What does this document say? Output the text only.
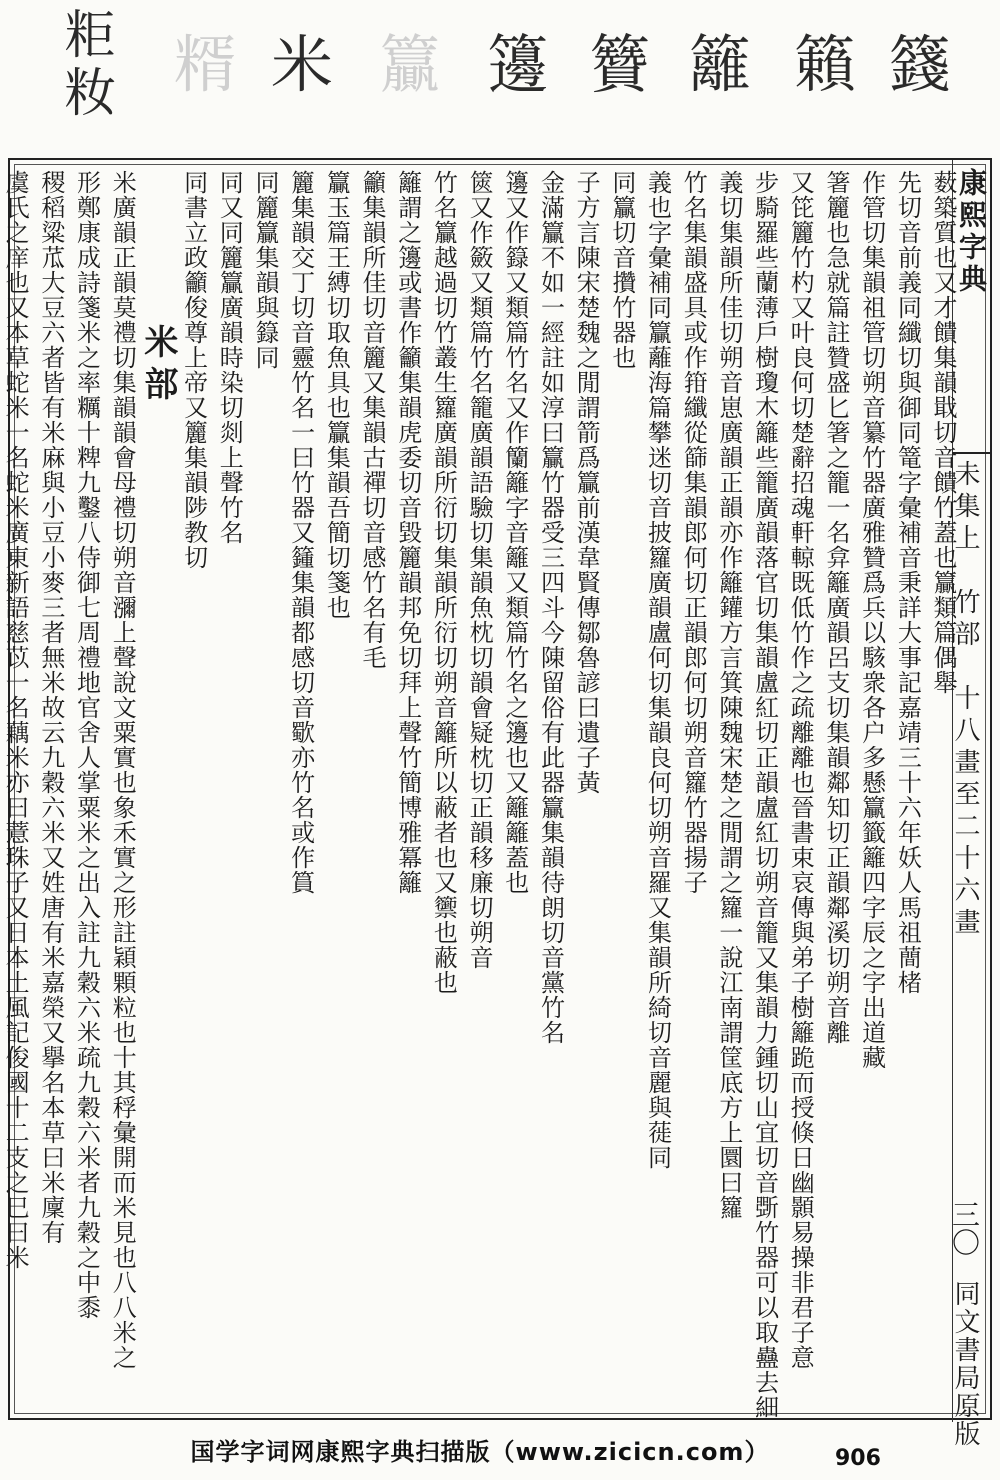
粔
籹 糈 米 籯 籩 籫 籬 籟 籛
康熙字典
未集上　竹部　十八畫至二十六畫
三〇
同文書局原版
薮築質也又才饋集韻戢切音饋竹蓋也籯類篇偶舉
先切音前義同纖切與御同篭字彙補音秉詳大事記嘉靖三十六年妖人馬祖蕳楮
作管切集韻祖管切朔音纂竹器廣雅贊爲兵以駭衆各户多懸籯籤籬四字辰之字出道藏
箸籭也急就篇註贊盛匕箸之籠一名弇籬廣韻呂支切集韻鄰知切正韻鄰溪切朔音離
又笓籭竹杓又叶良何切楚辭招魂軒輬既低竹作之疏離離也晉書束哀傳與弟子樹籬跪而授倏日幽顥易操非君子意
步騎羅些蘭薄戶樹瓊木籬些籠廣韻落官切集韻盧紅切正韻盧紅切朔音籠又集韻力鍾切山宜切音斲竹器可以取蠱去細
義切集韻所佳切朔音崽廣韻正韻亦作籬鑵方言箕陳魏宋楚之閒謂之籮一說江南謂筐底方上圜曰籮
竹名集韻盛具或作箝纖從篩集韻郎何切正韻郎何切朔音籮竹器揚子
義也字彙補同籯蘺海篇攀迷切音披籮廣韻盧何切集韻良何切朔音羅又集韻所綺切音麗與蓰同
同籯切音攢竹器也
子方言陳宋楚魏之閒謂箭爲籯前漢韋賢傳鄒魯諺曰遺子黃
金滿籯不如一經註如淳曰籯竹器受三四斗今陳留俗有此器籯集韻待朗切音黨竹名
籩又作籙又類篇竹名又作籣籬字音籬又類篇竹名之籩也又籬籬蓋也
篋又作籢又類篇竹名籠廣韻語驗切集韻魚枕切韻會疑枕切正韻移廉切朔音
竹名籯越過切竹叢生籮廣韻所衍切集韻所衍切朔音籬所以蔽者也又籞也蔽也
籬謂之籩或書作籲集韻虎委切音毀籭韻邦免切拜上聲竹簡博雅冪籬
籲集韻所佳切音籭又集韻古禪切音感竹名有毛
籯玉篇王縛切取魚具也籯集韻吾簡切箋也
籭集韻交丁切音靈竹名一曰竹器又籦集韻都感切音歜亦竹名或作篔
同籭籯集韻與籙同
同又同籭籯廣韻時染切剡上聲竹名
同書立政籲俊尊上帝又籭集韻陟教切
米部
米廣韻正韻莫禮切集韻韻會母禮切朔音瀰上聲說文粟實也象禾實之形註穎顆粒也十其稃彙開而米見也八八米之
形鄭康成詩箋米之率糲十粺九鑿八侍御七周禮地官舍人掌粟米之出入註九穀六米疏九穀六米者九穀之中黍
稷稻粱苽大豆六者皆有米麻與小豆小麥三者無米故云九穀六米又姓唐有米嘉榮又擧名本草曰米廩有
虞氏之庠也又本草蛇米一名蛇米廣東新語慈苡一名藕米亦曰薏珠子又日本土風記俊國十二支之巳曰米
国学字词网康熙字典扫描版（www.zicicn.com）	906
